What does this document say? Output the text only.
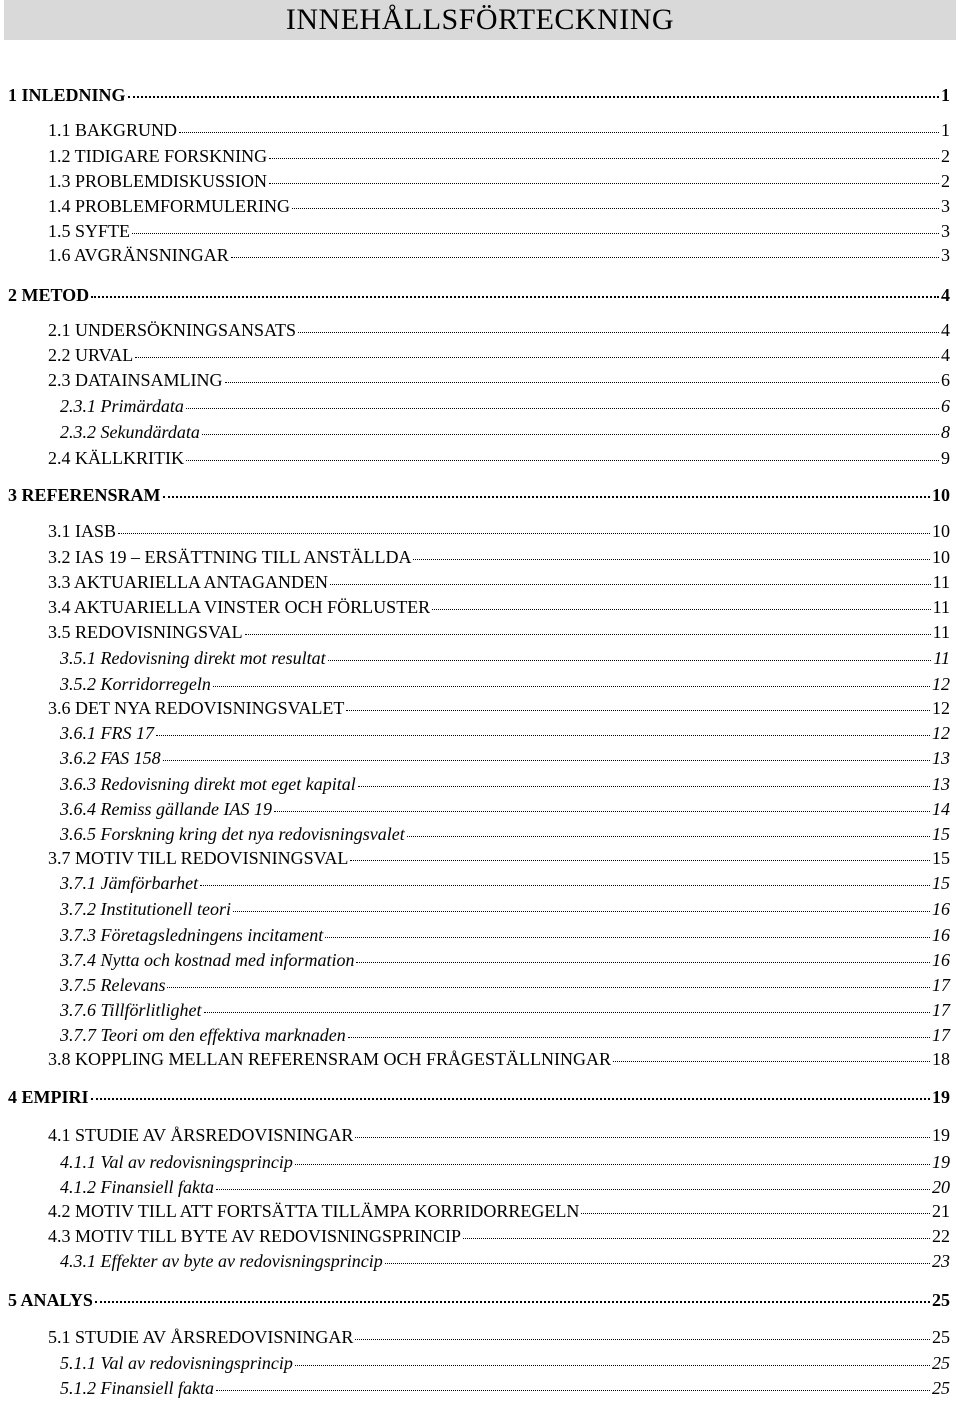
INNEHÅLLSFÖRTECKNING
1 INLEDNING	1
1.1 BAKGRUND	1
1.2 TIDIGARE FORSKNING	2
1.3 PROBLEMDISKUSSION	2
1.4 PROBLEMFORMULERING	3
1.5 SYFTE	3
1.6 AVGRÄNSNINGAR	3
2 METOD	4
2.1 UNDERSÖKNINGSANSATS	4
2.2 URVAL	4
2.3 DATAINSAMLING	6
2.3.1 Primärdata	6
2.3.2 Sekundärdata	8
2.4 KÄLLKRITIK	9
3 REFERENSRAM	10
3.1 IASB	10
3.2 IAS 19 – ERSÄTTNING TILL ANSTÄLLDA	10
3.3 AKTUARIELLA ANTAGANDEN	11
3.4 AKTUARIELLA VINSTER OCH FÖRLUSTER	11
3.5 REDOVISNINGSVAL	11
3.5.1 Redovisning direkt mot resultat	11
3.5.2 Korridorregeln	12
3.6 DET NYA REDOVISNINGSVALET	12
3.6.1 FRS 17	12
3.6.2 FAS 158	13
3.6.3 Redovisning direkt mot eget kapital	13
3.6.4 Remiss gällande IAS 19	14
3.6.5 Forskning kring det nya redovisningsvalet	15
3.7 MOTIV TILL REDOVISNINGSVAL	15
3.7.1 Jämförbarhet	15
3.7.2 Institutionell teori	16
3.7.3 Företagsledningens incitament	16
3.7.4 Nytta och kostnad med information	16
3.7.5 Relevans	17
3.7.6 Tillförlitlighet	17
3.7.7 Teori om den effektiva marknaden	17
3.8 KOPPLING MELLAN REFERENSRAM OCH FRÅGESTÄLLNINGAR	18
4 EMPIRI	19
4.1 STUDIE AV ÅRSREDOVISNINGAR	19
4.1.1 Val av redovisningsprincip	19
4.1.2 Finansiell fakta	20
4.2 MOTIV TILL ATT FORTSÄTTA TILLÄMPA KORRIDORREGELN	21
4.3 MOTIV TILL BYTE AV REDOVISNINGSPRINCIP	22
4.3.1 Effekter av byte av redovisningsprincip	23
5 ANALYS	25
5.1 STUDIE AV ÅRSREDOVISNINGAR	25
5.1.1 Val av redovisningsprincip	25
5.1.2 Finansiell fakta	25
